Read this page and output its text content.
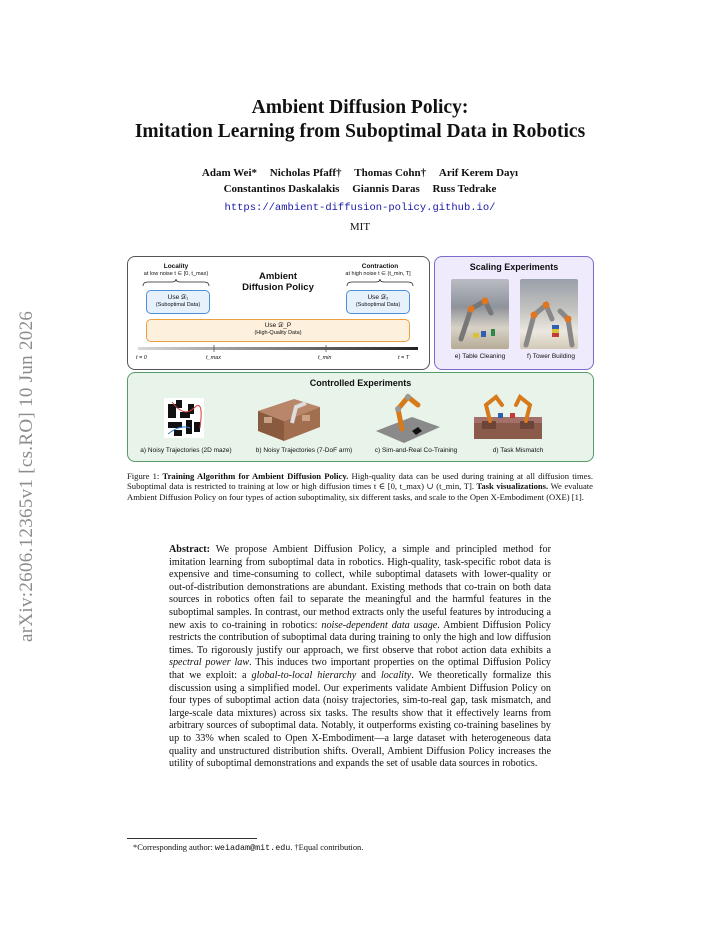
arXiv:2606.12365v1 [cs.RO] 10 Jun 2026
Ambient Diffusion Policy:
Imitation Learning from Suboptimal Data in Robotics
Adam Wei* Nicholas Pfaff† Thomas Cohn† Arif Kerem Dayı
Constantinos Daskalakis Giannis Daras Russ Tedrake
https://ambient-diffusion-policy.github.io/
MIT
Locality
at low noise t ∈ [0, t_max)	Ambient
Diffusion Policy
Contraction
at high noise t ∈ (t_min, T]
Use 𝒟₁
(Suboptimal Data)
Use 𝒟₂
(Suboptimal Data)
Use 𝒟_P
(High-Quality Data)
t = 0	t_max	t_min	t = T
Scaling Experiments
e) Table Cleaning	f) Tower Building
Controlled Experiments
a) Noisy Trajectories (2D maze)	b) Noisy Trajectories (7-DoF arm)	c) Sim-and-Real Co-Training	d) Task Mismatch
Figure 1: Training Algorithm for Ambient Diffusion Policy. High-quality data can be used during training at all diffusion times. Suboptimal data is restricted to training at low or high diffusion times t ∈ [0, t_max) ∪ (t_min, T]. Task visualizations. We evaluate Ambient Diffusion Policy on four types of action suboptimality, six different tasks, and scale to the Open X-Embodiment (OXE) [1].
Abstract: We propose Ambient Diffusion Policy, a simple and principled method for imitation learning from suboptimal data in robotics. High-quality, task-specific robot data is expensive and time-consuming to collect, while suboptimal datasets with lower-quality or out-of-distribution demonstrations are abundant. Existing methods that co-train on both data sources in robotics often fail to separate the meaningful and the harmful features in the suboptimal samples. In contrast, our method extracts only the useful features by introducing a new axis to co-training in robotics: noise-dependent data usage. Ambient Diffusion Policy restricts the contribution of suboptimal data during training to only the high and low diffusion times. To rigorously justify our approach, we first observe that robot action data exhibits a spectral power law. This induces two important properties on the optimal Diffusion Policy that we exploit: a global-to-local hierarchy and locality. We theoretically formalize this discussion using a simplified model. Our experiments validate Ambient Diffusion Policy on four types of suboptimal action data (noisy trajectories, sim-to-real gap, task mismatch, and large-scale data mixtures) across six tasks. The results show that it effectively learns from arbitrary sources of suboptimal data. Notably, it outperforms existing co-training baselines by up to 33% when scaled to Open X-Embodiment—a large dataset with heterogeneous data quality and unstructured distribution shifts. Overall, Ambient Diffusion Policy increases the utility of suboptimal demonstrations and expands the set of usable data sources in robotics.
*Corresponding author: weiadam@mit.edu. †Equal contribution.
